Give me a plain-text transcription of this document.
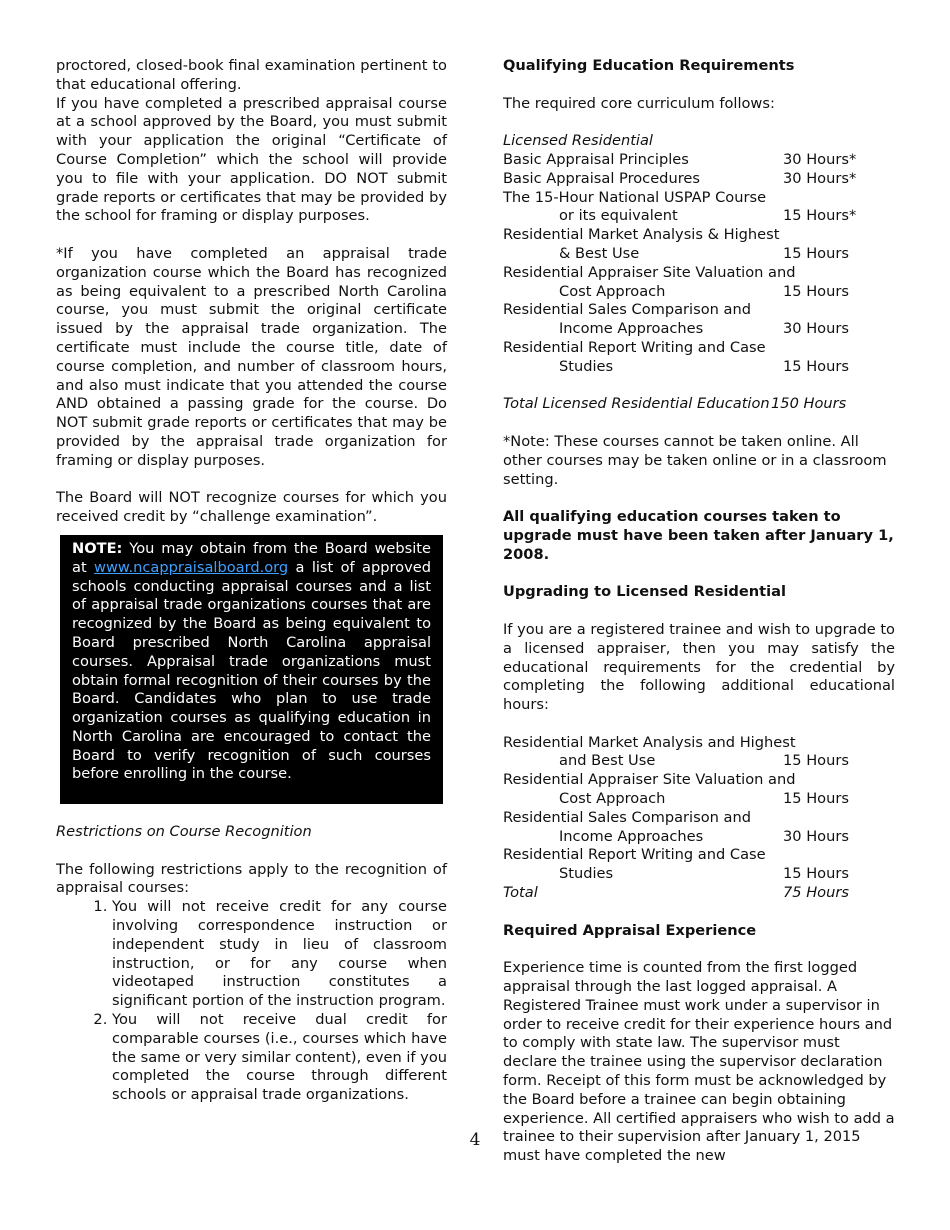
proctored, closed-book final examination pertinent to that educational offering.

If you have completed a prescribed appraisal course at a school approved by the Board, you must submit with your application the original “Certificate of Course Completion” which the school will provide you to file with your application. DO NOT submit grade reports or certificates that may be provided by the school for framing or display purposes.

*If you have completed an appraisal trade organization course which the Board has recognized as being equivalent to a prescribed North Carolina course, you must submit the original certificate issued by the appraisal trade organization. The certificate must include the course title, date of course completion, and number of classroom hours, and also must indicate that you attended the course AND obtained a passing grade for the course. Do NOT submit grade reports or certificates that may be provided by the appraisal trade organization for framing or display purposes.

The Board will NOT recognize courses for which you received credit by “challenge examination”.

NOTE: You may obtain from the Board website at www.ncappraisalboard.org a list of approved schools conducting appraisal courses and a list of appraisal trade organizations courses that are recognized by the Board as being equivalent to Board prescribed North Carolina appraisal courses. Appraisal trade organizations must obtain formal recognition of their courses by the Board. Candidates who plan to use trade organization courses as qualifying education in North Carolina are encouraged to contact the Board to verify recognition of such courses before enrolling in the course.

Restrictions on Course Recognition

The following restrictions apply to the recognition of appraisal courses:

1. You will not receive credit for any course involving correspondence instruction or independent study in lieu of classroom instruction, or for any course when videotaped instruction constitutes a significant portion of the instruction program.
2. You will not receive dual credit for comparable courses (i.e., courses which have the same or very similar content), even if you completed the course through different schools or appraisal trade organizations.

Qualifying Education Requirements

The required core curriculum follows:

Licensed Residential

Basic Appraisal Principles	30 Hours*
Basic Appraisal Procedures	30 Hours*
The 15-Hour National USPAP Course
or its equivalent	15 Hours*
Residential Market Analysis & Highest
& Best Use	15 Hours
Residential Appraiser Site Valuation and
Cost Approach	15 Hours
Residential Sales Comparison and
Income Approaches	30 Hours
Residential Report Writing and Case
Studies	15 Hours
Total Licensed Residential Education 150 Hours

*Note: These courses cannot be taken online. All other courses may be taken online or in a classroom setting.

All qualifying education courses taken to upgrade must have been taken after January 1, 2008.

Upgrading to Licensed Residential

If you are a registered trainee and wish to upgrade to a licensed appraiser, then you may satisfy the educational requirements for the credential by completing the following additional educational hours:

Residential Market Analysis and Highest
and Best Use	15 Hours
Residential Appraiser Site Valuation and
Cost Approach	15 Hours
Residential Sales Comparison and
Income Approaches	30 Hours
Residential Report Writing and Case
Studies	15 Hours
Total	75 Hours

Required Appraisal Experience

Experience time is counted from the first logged appraisal through the last logged appraisal. A Registered Trainee must work under a supervisor in order to receive credit for their experience hours and to comply with state law. The supervisor must declare the trainee using the supervisor declaration form. Receipt of this form must be acknowledged by the Board before a trainee can begin obtaining experience. All certified appraisers who wish to add a trainee to their supervision after January 1, 2015 must have completed the new

4
